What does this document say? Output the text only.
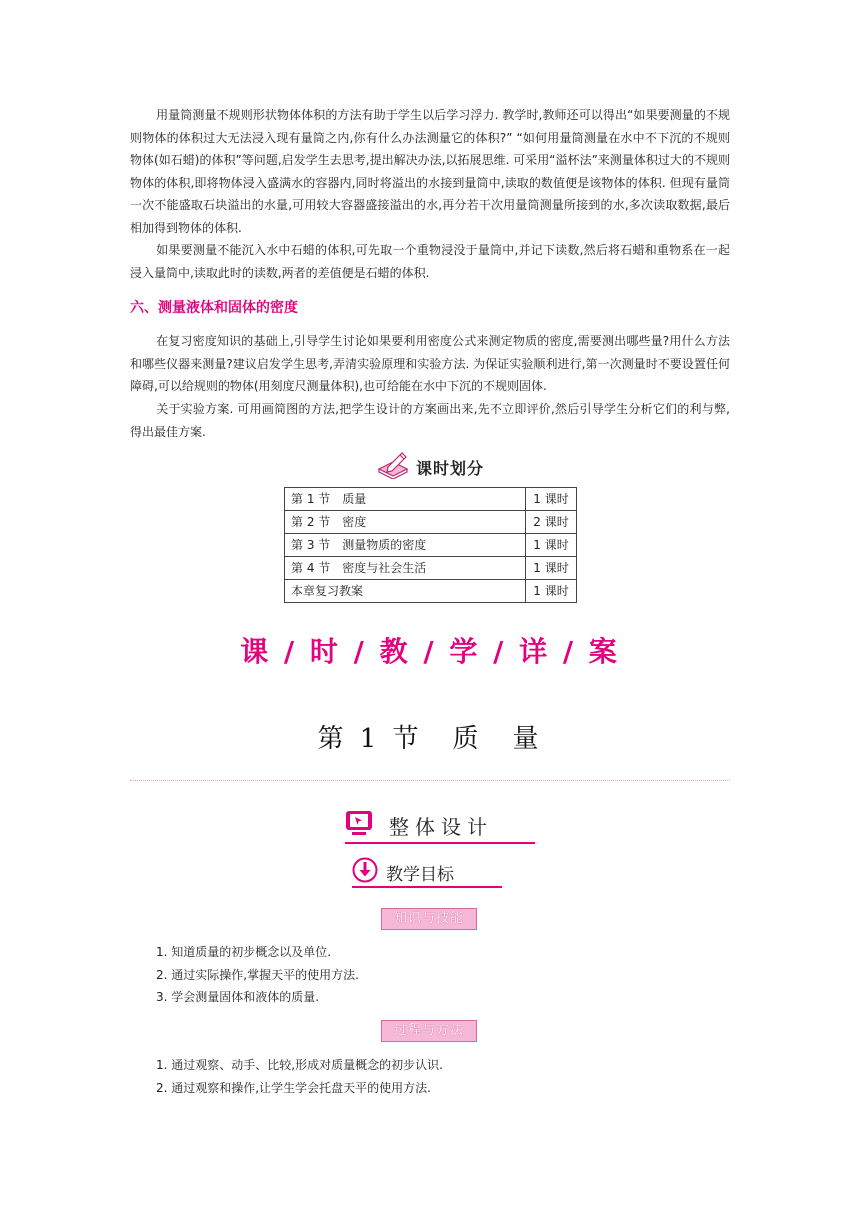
用量筒测量不规则形状物体体积的方法有助于学生以后学习浮力. 教学时,教师还可以得出“如果要测量的不规则物体的体积过大无法浸入现有量筒之内,你有什么办法测量它的体积?” “如何用量筒测量在水中不下沉的不规则物体(如石蜡)的体积”等问题,启发学生去思考,提出解决办法,以拓展思维. 可采用“溢杯法”来测量体积过大的不规则物体的体积,即将物体浸入盛满水的容器内,同时将溢出的水接到量筒中,读取的数值便是该物体的体积. 但现有量筒一次不能盛取石块溢出的水量,可用较大容器盛接溢出的水,再分若干次用量筒测量所接到的水,多次读取数据,最后相加得到物体的体积.

如果要测量不能沉入水中石蜡的体积,可先取一个重物浸没于量筒中,并记下读数,然后将石蜡和重物系在一起浸入量筒中,读取此时的读数,两者的差值便是石蜡的体积.

六、测量液体和固体的密度

在复习密度知识的基础上,引导学生讨论如果要利用密度公式来测定物质的密度,需要测出哪些量?用什么方法和哪些仪器来测量?建议启发学生思考,弄清实验原理和实验方法. 为保证实验顺利进行,第一次测量时不要设置任何障碍,可以给规则的物体(用刻度尺测量体积),也可给能在水中下沉的不规则固体.

关于实验方案. 可用画简图的方法,把学生设计的方案画出来,先不立即评价,然后引导学生分析它们的利与弊,得出最佳方案.

课时划分
第 1 节　质量	1 课时
第 2 节　密度	2 课时
第 3 节　测量物质的密度	1 课时
第 4 节　密度与社会生活	1 课时
本章复习教案	1 课时
课 / 时 / 教 / 学 / 详 / 案
第 1 节　质　量
整体设计
教学目标
知识与技能
1. 知道质量的初步概念以及单位.
2. 通过实际操作,掌握天平的使用方法.
3. 学会测量固体和液体的质量.
过程与方法
1. 通过观察、动手、比较,形成对质量概念的初步认识.
2. 通过观察和操作,让学生学会托盘天平的使用方法.
